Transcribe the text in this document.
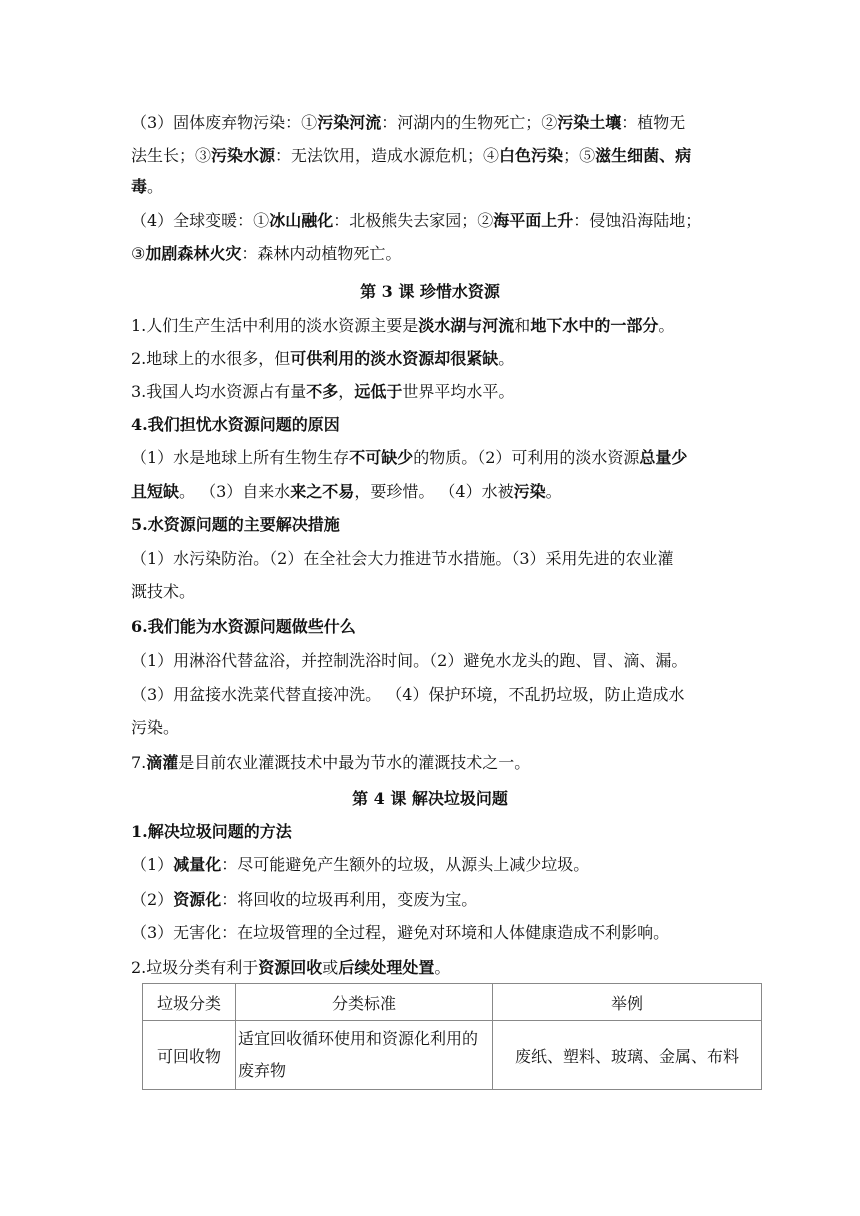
（3）固体废弃物污染：①污染河流：河湖内的生物死亡；②污染土壤：植物无
法生长；③污染水源：无法饮用，造成水源危机；④白色污染；⑤滋生细菌、病
毒。
（4）全球变暖：①冰山融化：北极熊失去家园；②海平面上升：侵蚀沿海陆地；
③加剧森林火灾：森林内动植物死亡。
第 3 课 珍惜水资源
1.人们生产生活中利用的淡水资源主要是淡水湖与河流和地下水中的一部分。
2.地球上的水很多，但可供利用的淡水资源却很紧缺。
3.我国人均水资源占有量不多，远低于世界平均水平。
4.我们担忧水资源问题的原因
（1）水是地球上所有生物生存不可缺少的物质。（2）可利用的淡水资源总量少
且短缺。 （3）自来水来之不易，要珍惜。 （4）水被污染。
5.水资源问题的主要解决措施
（1）水污染防治。（2）在全社会大力推进节水措施。（3）采用先进的农业灌
溉技术。
6.我们能为水资源问题做些什么
（1）用淋浴代替盆浴，并控制洗浴时间。（2）避免水龙头的跑、冒、滴、漏。
（3）用盆接水洗菜代替直接冲洗。 （4）保护环境，不乱扔垃圾，防止造成水
污染。
7.滴灌是目前农业灌溉技术中最为节水的灌溉技术之一。
第 4 课 解决垃圾问题
1.解决垃圾问题的方法
（1）减量化：尽可能避免产生额外的垃圾，从源头上减少垃圾。
（2）资源化：将回收的垃圾再利用，变废为宝。
（3）无害化：在垃圾管理的全过程，避免对环境和人体健康造成不利影响。
2.垃圾分类有利于资源回收或后续处理处置。
垃圾分类	分类标准	举例
可回收物	适宜回收循环使用和资源化利用的废弃物	废纸、塑料、玻璃、金属、布料
